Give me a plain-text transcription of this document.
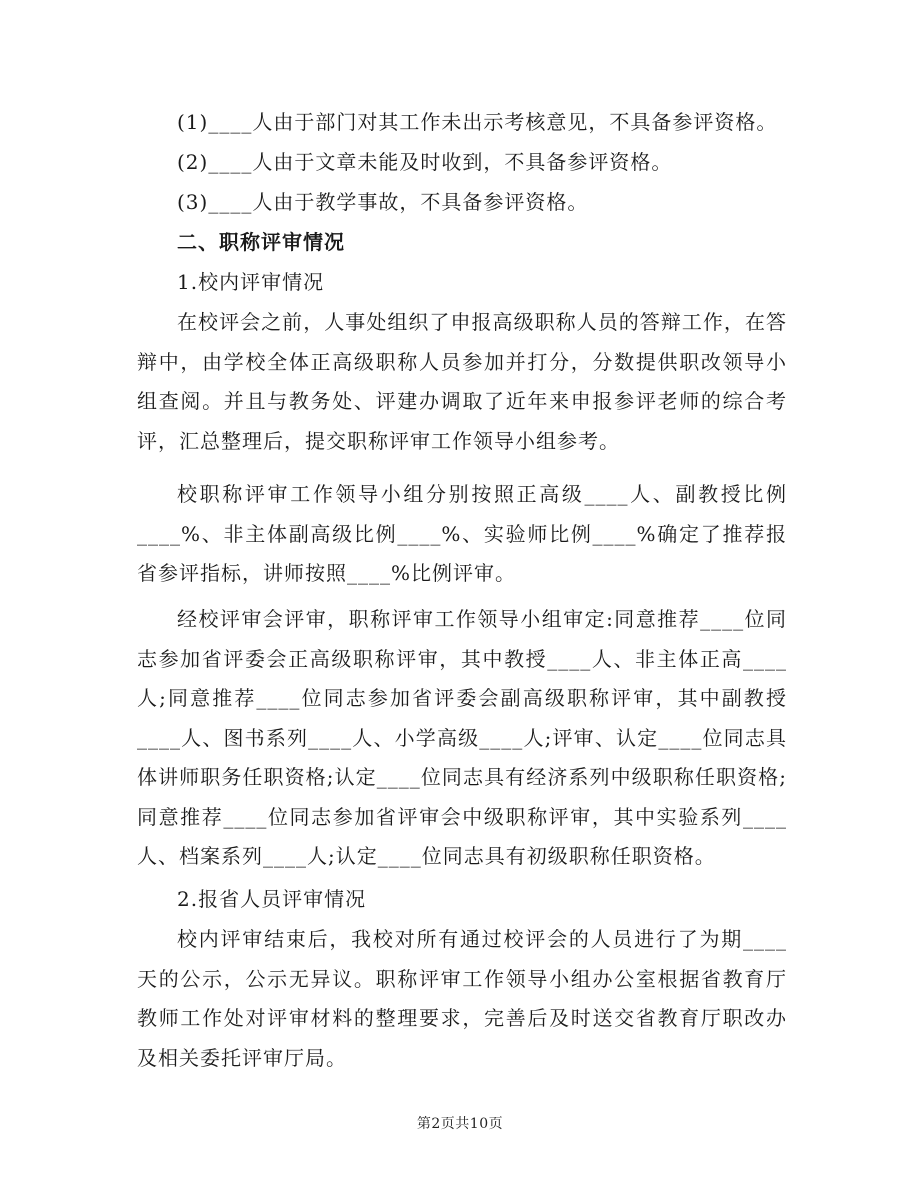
(1)____人由于部门对其工作未出示考核意见，不具备参评资格。

(2)____人由于文章未能及时收到，不具备参评资格。

(3)____人由于教学事故，不具备参评资格。

二、职称评审情况

1.校内评审情况

在校评会之前，人事处组织了申报高级职称人员的答辩工作，在答辩中，由学校全体正高级职称人员参加并打分，分数提供职改领导小组查阅。并且与教务处、评建办调取了近年来申报参评老师的综合考评，汇总整理后，提交职称评审工作领导小组参考。

校职称评审工作领导小组分别按照正高级____人、副教授比例____%、非主体副高级比例____%、实验师比例____%确定了推荐报省参评指标，讲师按照____%比例评审。

经校评审会评审，职称评审工作领导小组审定:同意推荐____位同志参加省评委会正高级职称评审，其中教授____人、非主体正高____人;同意推荐____位同志参加省评委会副高级职称评审，其中副教授____人、图书系列____人、小学高级____人;评审、认定____位同志具体讲师职务任职资格;认定____位同志具有经济系列中级职称任职资格;同意推荐____位同志参加省评审会中级职称评审，其中实验系列____人、档案系列____人;认定____位同志具有初级职称任职资格。

2.报省人员评审情况

校内评审结束后，我校对所有通过校评会的人员进行了为期____天的公示，公示无异议。职称评审工作领导小组办公室根据省教育厅教师工作处对评审材料的整理要求，完善后及时送交省教育厅职改办及相关委托评审厅局。

第2页共10页
